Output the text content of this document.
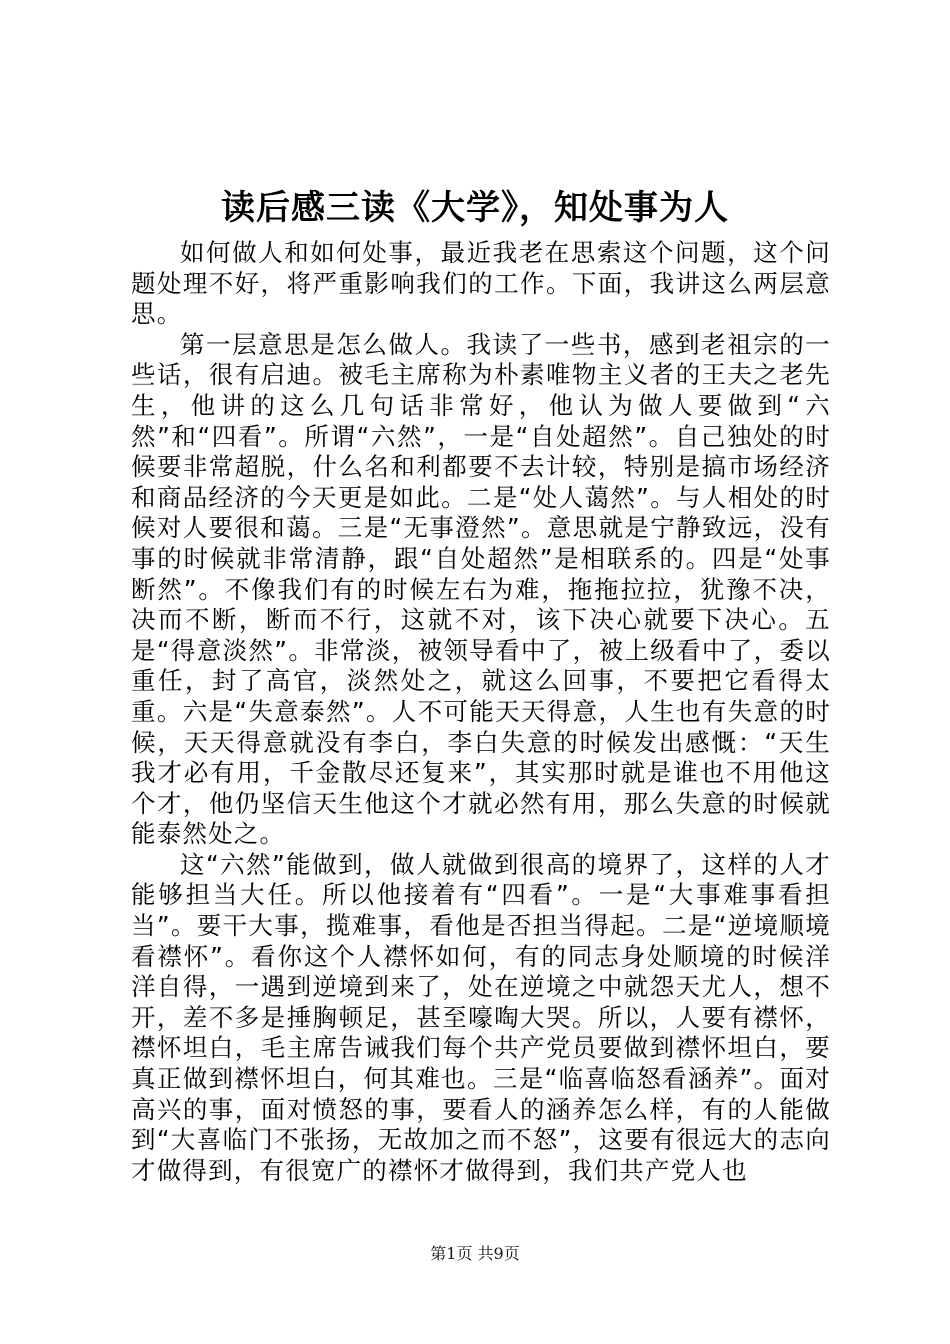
读后感三读《大学》，知处事为人

如何做人和如何处事，最近我老在思索这个问题，这个问题处理不好，将严重影响我们的工作。下面，我讲这么两层意思。

第一层意思是怎么做人。我读了一些书，感到老祖宗的一些话，很有启迪。被毛主席称为朴素唯物主义者的王夫之老先生，他讲的这么几句话非常好，他认为做人要做到“六然”和“四看”。所谓“六然”，一是“自处超然”。自己独处的时候要非常超脱，什么名和利都要不去计较，特别是搞市场经济和商品经济的今天更是如此。二是“处人蔼然”。与人相处的时候对人要很和蔼。三是“无事澄然”。意思就是宁静致远，没有事的时候就非常清静，跟“自处超然”是相联系的。四是“处事断然”。不像我们有的时候左右为难，拖拖拉拉，犹豫不决，决而不断，断而不行，这就不对，该下决心就要下决心。五是“得意淡然”。非常淡，被领导看中了，被上级看中了，委以重任，封了高官，淡然处之，就这么回事，不要把它看得太重。六是“失意泰然”。人不可能天天得意，人生也有失意的时候，天天得意就没有李白，李白失意的时候发出感慨：“天生我才必有用，千金散尽还复来”，其实那时就是谁也不用他这个才，他仍坚信天生他这个才就必然有用，那么失意的时候就能泰然处之。

这“六然”能做到，做人就做到很高的境界了，这样的人才能够担当大任。所以他接着有“四看”。一是“大事难事看担当”。要干大事，揽难事，看他是否担当得起。二是“逆境顺境看襟怀”。看你这个人襟怀如何，有的同志身处顺境的时候洋洋自得，一遇到逆境到来了，处在逆境之中就怨天尤人，想不开，差不多是捶胸顿足，甚至嚎啕大哭。所以，人要有襟怀，襟怀坦白，毛主席告诫我们每个共产党员要做到襟怀坦白，要真正做到襟怀坦白，何其难也。三是“临喜临怒看涵养”。面对高兴的事，面对愤怒的事，要看人的涵养怎么样，有的人能做到“大喜临门不张扬，无故加之而不怒”，这要有很远大的志向才做得到，有很宽广的襟怀才做得到，我们共产党人也

第1页 共9页
